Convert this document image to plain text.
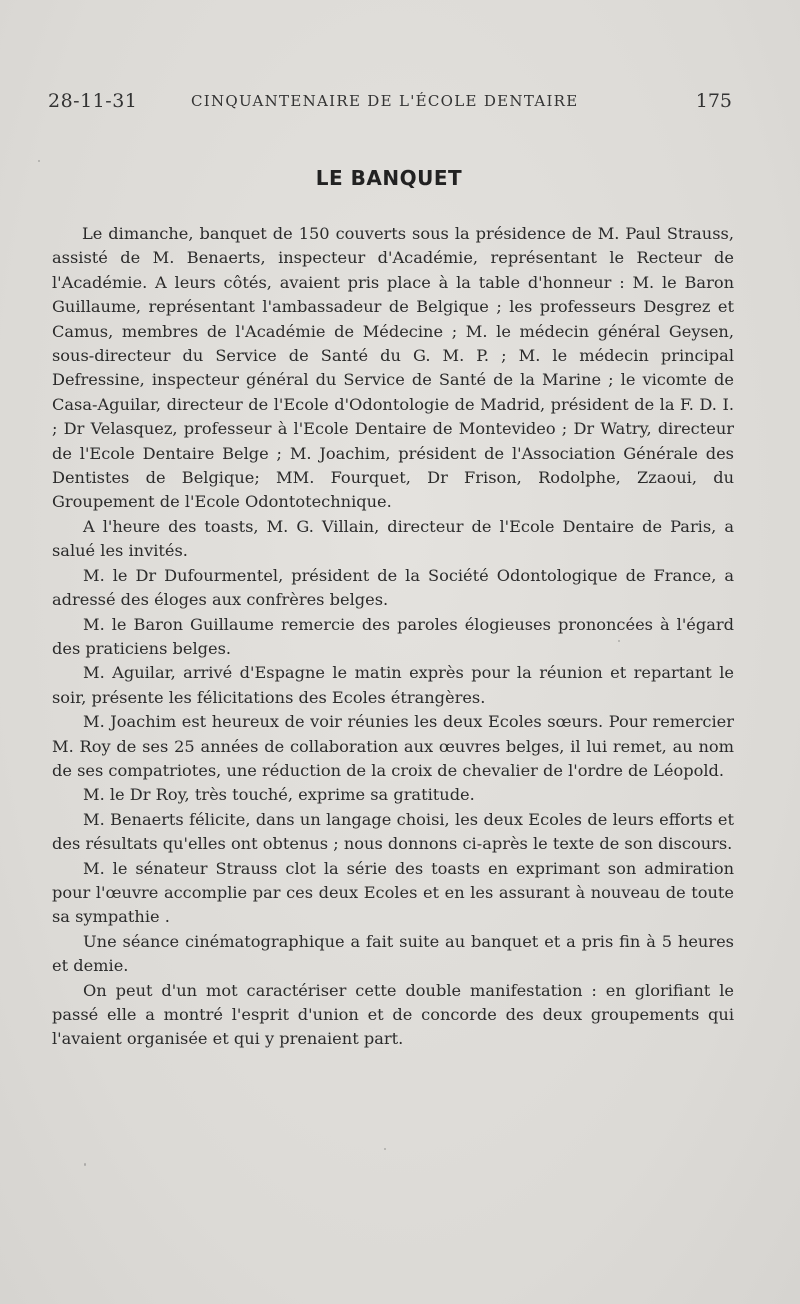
28-11-31	CINQUANTENAIRE DE L'ÉCOLE DENTAIRE	175
LE BANQUET

Le dimanche, banquet de 150 couverts sous la présidence de M. Paul Strauss, assisté de M. Benaerts, inspecteur d'Académie, représentant le Recteur de l'Académie. A leurs côtés, avaient pris place à la table d'honneur : M. le Baron Guillaume, représentant l'ambassadeur de Belgique ; les professeurs Desgrez et Camus, membres de l'Académie de Médecine ; M. le médecin général Geysen, sous-directeur du Service de Santé du G. M. P. ; M. le médecin principal Defressine, inspecteur général du Service de Santé de la Marine ; le vicomte de Casa-Aguilar, directeur de l'Ecole d'Odontologie de Madrid, président de la F. D. I. ; Dr Velasquez, professeur à l'Ecole Dentaire de Montevideo ; Dr Watry, directeur de l'Ecole Dentaire Belge ; M. Joachim, président de l'Association Générale des Dentistes de Belgique; MM. Fourquet, Dr Frison, Rodolphe, Zzaoui, du Groupement de l'Ecole Odontotechnique.

A l'heure des toasts, M. G. Villain, directeur de l'Ecole Dentaire de Paris, a salué les invités.

M. le Dr Dufourmentel, président de la Société Odontologique de France, a adressé des éloges aux confrères belges.

M. le Baron Guillaume remercie des paroles élogieuses prononcées à l'égard des praticiens belges.

M. Aguilar, arrivé d'Espagne le matin exprès pour la réunion et repartant le soir, présente les félicitations des Ecoles étrangères.

M. Joachim est heureux de voir réunies les deux Ecoles sœurs. Pour remercier M. Roy de ses 25 années de collaboration aux œuvres belges, il lui remet, au nom de ses compatriotes, une réduction de la croix de chevalier de l'ordre de Léopold.

M. le Dr Roy, très touché, exprime sa gratitude.

M. Benaerts félicite, dans un langage choisi, les deux Ecoles de leurs efforts et des résultats qu'elles ont obtenus ; nous donnons ci-après le texte de son discours.

M. le sénateur Strauss clot la série des toasts en exprimant son admiration pour l'œuvre accomplie par ces deux Ecoles et en les assurant à nouveau de toute sa sympathie .

Une séance cinématographique a fait suite au banquet et a pris fin à 5 heures et demie.

On peut d'un mot caractériser cette double manifestation : en glorifiant le passé elle a montré l'esprit d'union et de concorde des deux groupements qui l'avaient organisée et qui y prenaient part.
